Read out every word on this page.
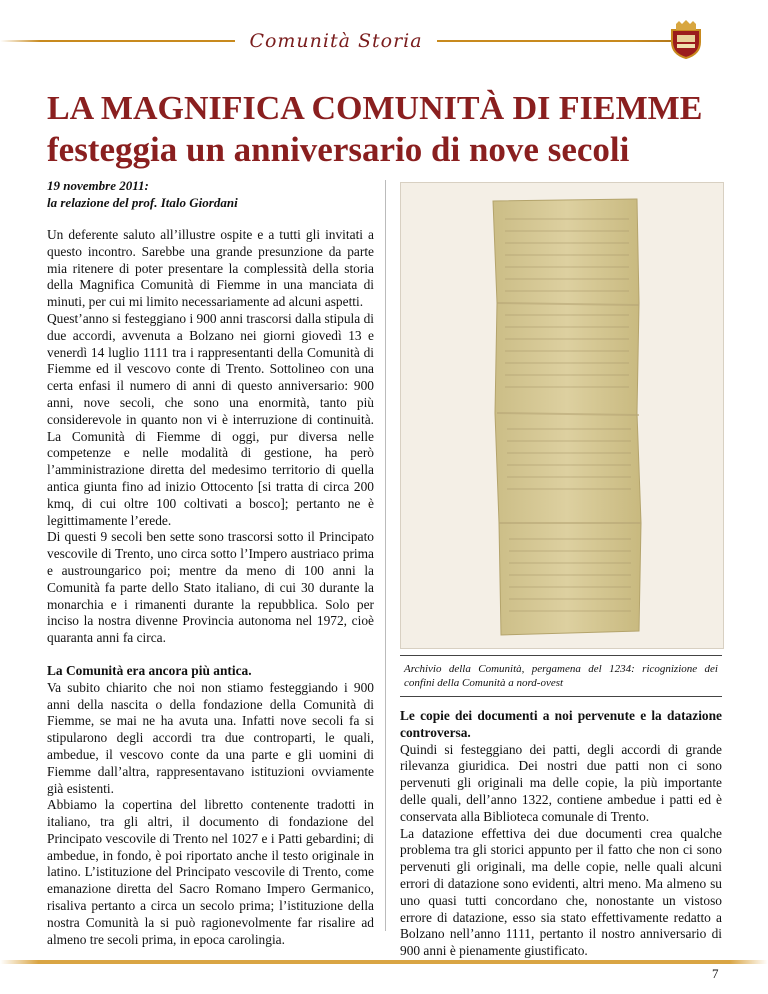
Comunità Storia
LA MAGNIFICA COMUNITÀ DI FIEMME
festeggia un anniversario di nove secoli
19 novembre 2011:
la relazione del prof. Italo Giordani

Un deferente saluto all’illustre ospite e a tutti gli invitati a questo incontro. Sarebbe una grande presunzione da parte mia ritenere di poter presentare la complessità della storia della Magnifica Comunità di Fiemme in una manciata di minuti, per cui mi limito necessariamente ad alcuni aspetti.

Quest’anno si festeggiano i 900 anni trascorsi dalla stipula di due accordi, avvenuta a Bolzano nei giorni giovedì 13 e venerdì 14 luglio 1111 tra i rappresentanti della Comunità di Fiemme ed il vescovo conte di Trento. Sottolineo con una certa enfasi il numero di anni di questo anniversario: 900 anni, nove secoli, che sono una enormità, tanto più considerevole in quanto non vi è interruzione di continuità. La Comunità di Fiemme di oggi, pur diversa nelle competenze e nelle modalità di gestione, ha però l’amministrazione diretta del medesimo territorio di quella antica giunta fino ad inizio Ottocento [si tratta di circa 200 kmq, di cui oltre 100 coltivati a bosco]; pertanto ne è legittimamente l’erede.

Di questi 9 secoli ben sette sono trascorsi sotto il Principato vescovile di Trento, uno circa sotto l’Impero austriaco prima e austroungarico poi; mentre da meno di 100 anni la Comunità fa parte dello Stato italiano, di cui 30 durante la monarchia e i rimanenti durante la repubblica. Solo per inciso la nostra divenne Provincia autonoma nel 1972, cioè quaranta anni fa circa.

La Comunità era ancora più antica.

Va subito chiarito che noi non stiamo festeggiando i 900 anni della nascita o della fondazione della Comunità di Fiemme, se mai ne ha avuta una. Infatti nove secoli fa si stipularono degli accordi tra due controparti, le quali, ambedue, il vescovo conte da una parte e gli uomini di Fiemme dall’altra, rappresentavano istituzioni ovviamente già esistenti.

Abbiamo la copertina del libretto contenente tradotti in italiano, tra gli altri, il documento di fondazione del Principato vescovile di Trento nel 1027 e i Patti gebardini; di ambedue, in fondo, è poi riportato anche il testo originale in latino. L’istituzione del Principato vescovile di Trento, come emanazione diretta del Sacro Romano Impero Germanico, risaliva pertanto a circa un secolo prima; l’istituzione della nostra Comunità la si può ragionevolmente far risalire ad almeno tre secoli prima, in epoca carolingia.

Archivio della Comunità, pergamena del 1234: ricognizione dei confini della Comunità a nord-ovest
Le copie dei documenti a noi pervenute e la datazione controversa.

Quindi si festeggiano dei patti, degli accordi di grande rilevanza giuridica. Dei nostri due patti non ci sono pervenuti gli originali ma delle copie, la più importante delle quali, dell’anno 1322, contiene ambedue i patti ed è conservata alla Biblioteca comunale di Trento.

La datazione effettiva dei due documenti crea qualche problema tra gli storici appunto per il fatto che non ci sono pervenuti gli originali, ma delle copie, nelle quali alcuni errori di datazione sono evidenti, altri meno. Ma almeno su uno quasi tutti concordano che, nonostante un vistoso errore di datazione, esso sia stato effettivamente redatto a Bolzano nell’anno 1111, pertanto il nostro anniversario di 900 anni è pienamente giustificato.

7
